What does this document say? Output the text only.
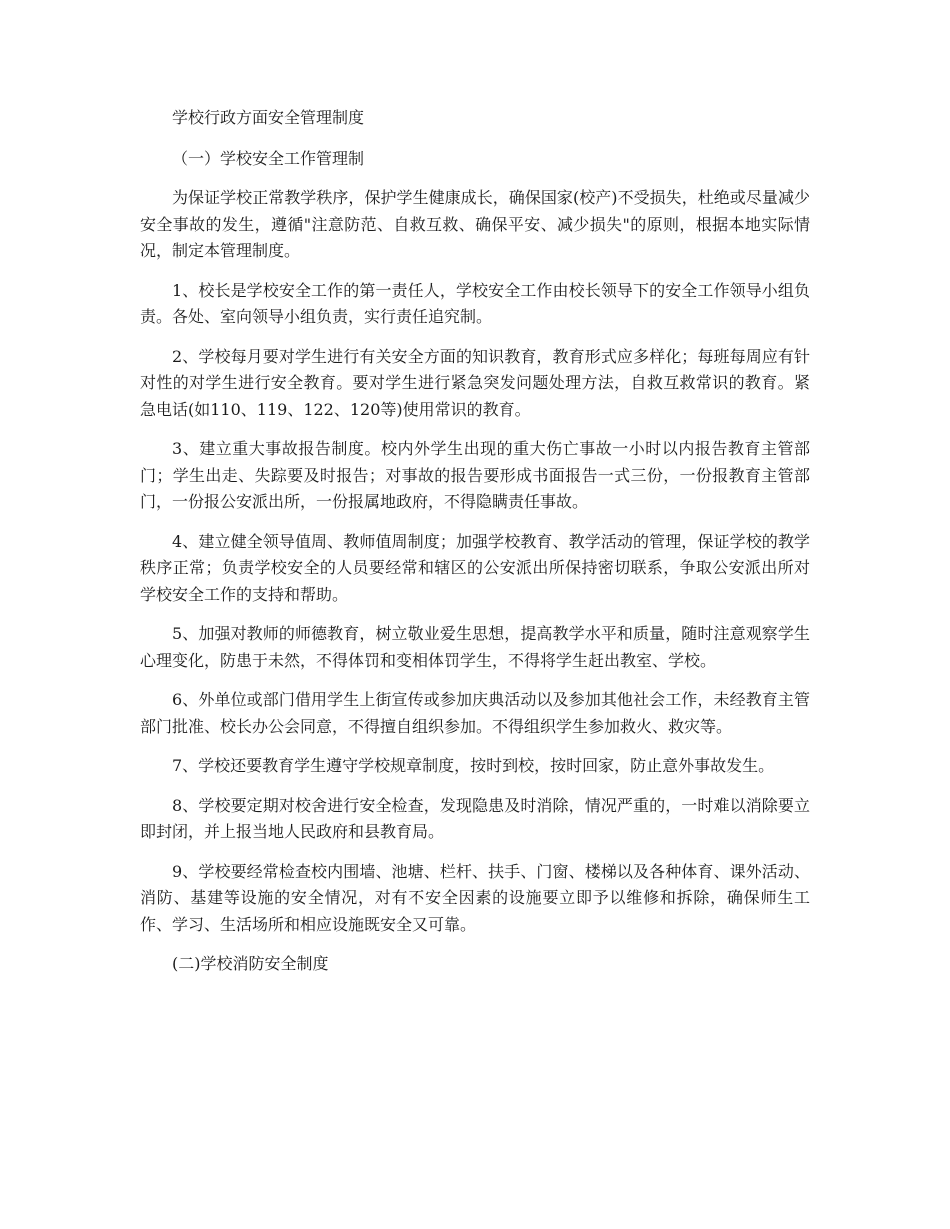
学校行政方面安全管理制度

（一）学校安全工作管理制

为保证学校正常教学秩序，保护学生健康成长，确保国家(校产)不受损失，杜绝或尽量减少安全事故的发生，遵循"注意防范、自救互救、确保平安、减少损失"的原则，根据本地实际情况，制定本管理制度。

1、校长是学校安全工作的第一责任人，学校安全工作由校长领导下的安全工作领导小组负责。各处、室向领导小组负责，实行责任追究制。

2、学校每月要对学生进行有关安全方面的知识教育，教育形式应多样化；每班每周应有针对性的对学生进行安全教育。要对学生进行紧急突发问题处理方法，自救互救常识的教育。紧急电话(如110、119、122、120等)使用常识的教育。

3、建立重大事故报告制度。校内外学生出现的重大伤亡事故一小时以内报告教育主管部门；学生出走、失踪要及时报告；对事故的报告要形成书面报告一式三份，一份报教育主管部门，一份报公安派出所，一份报属地政府，不得隐瞒责任事故。

4、建立健全领导值周、教师值周制度；加强学校教育、教学活动的管理，保证学校的教学秩序正常；负责学校安全的人员要经常和辖区的公安派出所保持密切联系，争取公安派出所对学校安全工作的支持和帮助。

5、加强对教师的师德教育，树立敬业爱生思想，提高教学水平和质量，随时注意观察学生心理变化，防患于未然，不得体罚和变相体罚学生，不得将学生赶出教室、学校。

6、外单位或部门借用学生上街宣传或参加庆典活动以及参加其他社会工作，未经教育主管部门批准、校长办公会同意，不得擅自组织参加。不得组织学生参加救火、救灾等。

7、学校还要教育学生遵守学校规章制度，按时到校，按时回家，防止意外事故发生。

8、学校要定期对校舍进行安全检查，发现隐患及时消除，情况严重的，一时难以消除要立即封闭，并上报当地人民政府和县教育局。

9、学校要经常检查校内围墙、池塘、栏杆、扶手、门窗、楼梯以及各种体育、课外活动、消防、基建等设施的安全情况，对有不安全因素的设施要立即予以维修和拆除，确保师生工作、学习、生活场所和相应设施既安全又可靠。

(二)学校消防安全制度
